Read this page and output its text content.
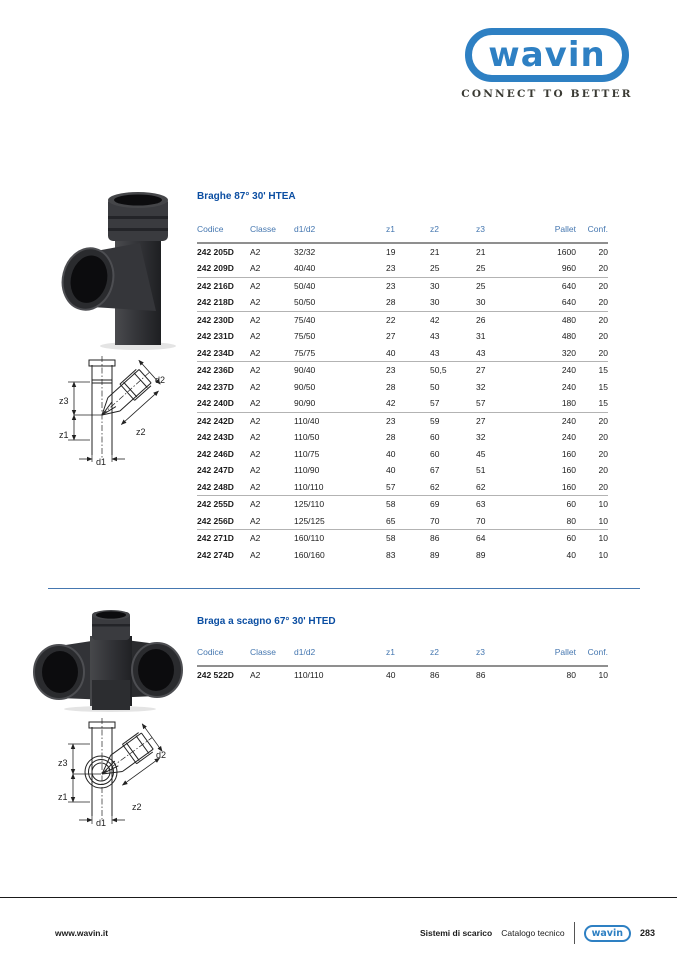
wavin
CONNECT TO BETTER
z3
z1
d2
z2
d1
Braghe 87° 30' HTEA
Codice	Classe	d1/d2	z1	z2	z3	Pallet	Conf.
242 205D	A2	32/32	19	21	21	1600	20
242 209D	A2	40/40	23	25	25	960	20
242 216D	A2	50/40	23	30	25	640	20
242 218D	A2	50/50	28	30	30	640	20
242 230D	A2	75/40	22	42	26	480	20
242 231D	A2	75/50	27	43	31	480	20
242 234D	A2	75/75	40	43	43	320	20
242 236D	A2	90/40	23	50,5	27	240	15
242 237D	A2	90/50	28	50	32	240	15
242 240D	A2	90/90	42	57	57	180	15
242 242D	A2	110/40	23	59	27	240	20
242 243D	A2	110/50	28	60	32	240	20
242 246D	A2	110/75	40	60	45	160	20
242 247D	A2	110/90	40	67	51	160	20
242 248D	A2	110/110	57	62	62	160	20
242 255D	A2	125/110	58	69	63	60	10
242 256D	A2	125/125	65	70	70	80	10
242 271D	A2	160/110	58	86	64	60	10
242 274D	A2	160/160	83	89	89	40	10
z3
z1
d2
z2
d1
Braga a scagno 67° 30' HTED
Codice	Classe	d1/d2	z1	z2	z3	Pallet	Conf.
242 522D	A2	110/110	40	86	86	80	10
www.wavin.it	Sistemi di scarico Catalogo tecnico	wavin	283
